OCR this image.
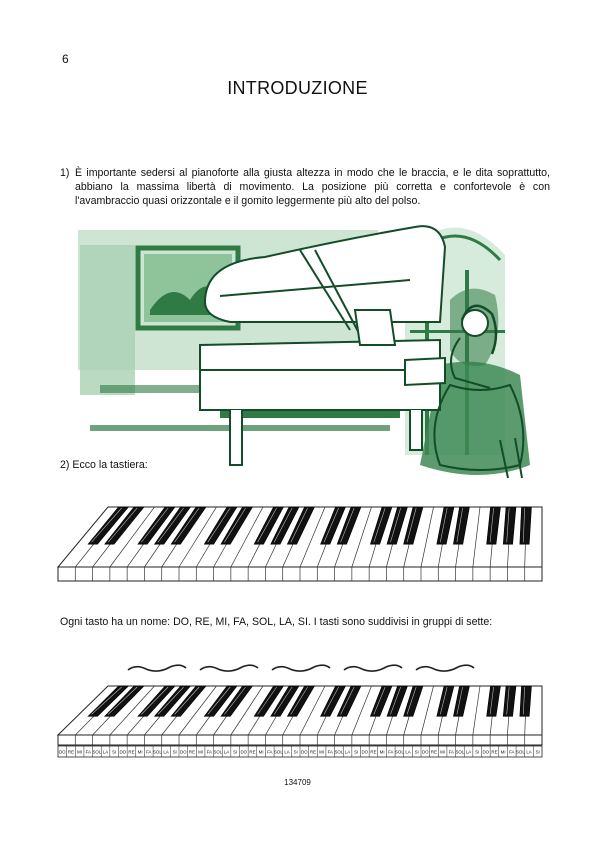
6
INTRODUZIONE
1) È importante sedersi al pianoforte alla giusta altezza in modo che le braccia, e le dita soprattutto, abbiano la massima libertà di movimento. La posizione più corretta e confortevole è con l'avambraccio quasi orizzontale e il gomito leggermente più alto del polso.
2) Ecco la tastiera:
Ogni tasto ha un nome: DO, RE, MI, FA, SOL, LA, SI. I tasti sono suddivisi in gruppi di sette:
DO RE MI FA SOL LA SI DO RE MI FA SOL LA SI DO RE MI FA SOL LA SI DO RE MI FA SOL LA SI DO RE MI FA SOL LA SI DO RE MI FA SOL LA SI DO RE MI FA SOL LA SI DO RE MI FA SOL LA SI
134709
